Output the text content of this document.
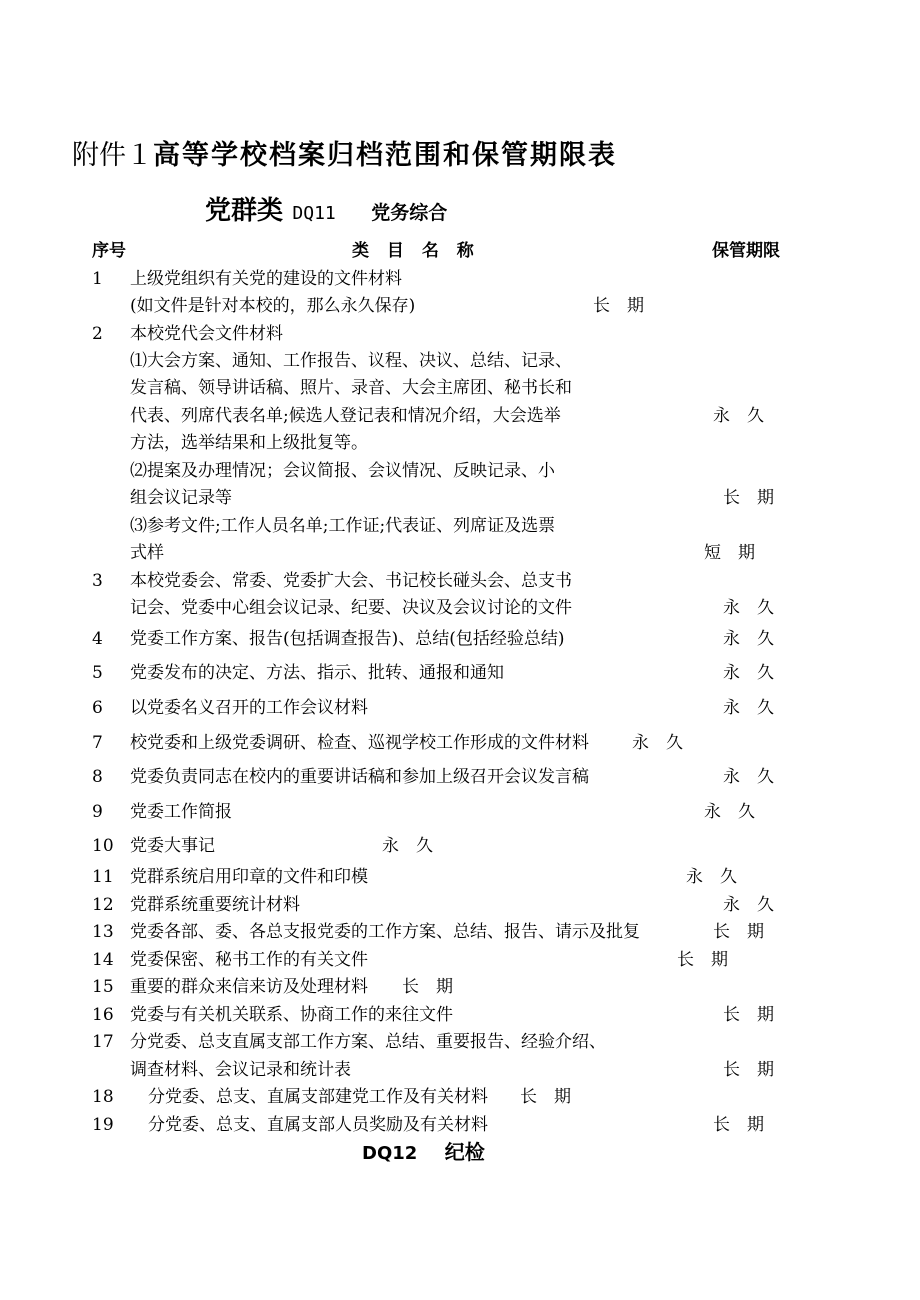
附件１高等学校档案归档范围和保管期限表
党群类 DQ11 党务综合
序号	类 目 名 称	保管期限
1 上级党组织有关党的建设的文件材料
(如文件是针对本校的，那么永久保存)	长　期
2 本校党代会文件材料
⑴大会方案、通知、工作报告、议程、决议、总结、记录、
发言稿、领导讲话稿、照片、录音、大会主席团、秘书长和
代表、列席代表名单;候选人登记表和情况介绍，大会选举
方法，选举结果和上级批复等。
永　久
⑵提案及办理情况；会议简报、会议情况、反映记录、小
组会议记录等	长　期
⑶参考文件;工作人员名单;工作证;代表证、列席证及选票
式样	短　期
3 本校党委会、常委、党委扩大会、书记校长碰头会、总支书
记会、党委中心组会议记录、纪要、决议及会议讨论的文件	永　久
4 党委工作方案、报告(包括调查报告)、总结(包括经验总结)	永　久
5 党委发布的决定、方法、指示、批转、通报和通知	永　久
6 以党委名义召开的工作会议材料	永　久
7 校党委和上级党委调研、检查、巡视学校工作形成的文件材料	永　久
8 党委负责同志在校内的重要讲话稿和参加上级召开会议发言稿	永　久
9 党委工作简报	永　久
10 党委大事记	永　久
11 党群系统启用印章的文件和印模	永　久
12 党群系统重要统计材料	永　久
13 党委各部、委、各总支报党委的工作方案、总结、报告、请示及批复	长　期
14 党委保密、秘书工作的有关文件	长　期
15 重要的群众来信来访及处理材料 长　期
16 党委与有关机关联系、协商工作的来往文件	长　期
17 分党委、总支直属支部工作方案、总结、重要报告、经验介绍、
调查材料、会议记录和统计表	长　期
18 分党委、总支、直属支部建党工作及有关材料 长　期
19 分党委、总支、直属支部人员奖励及有关材料	长　期
DQ12 纪检
